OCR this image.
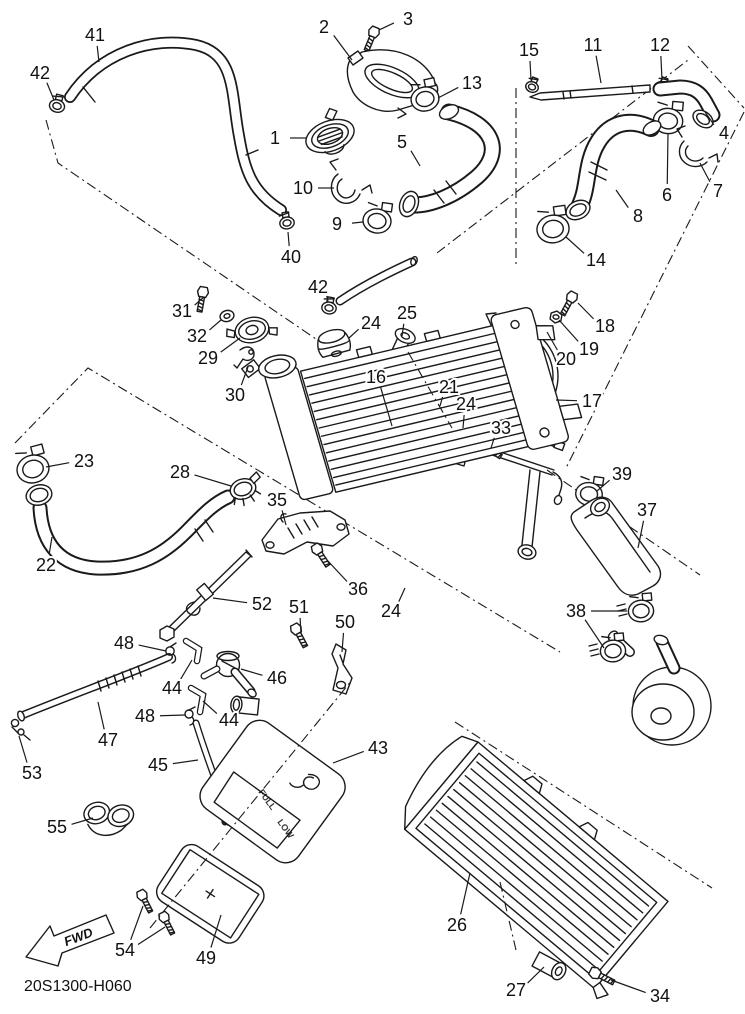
FULL
LOW
FWD
20S1300-H060
41
42
2	3
1
13
5
10
9
40
15 11	12
4
6 7
8
14
31
32
29
30
42
24 25
16	21
24
33
18
19
20
17
39
37
38
23
22
28
35
36
24
52 51
50
46
48
44
48	44
47
53	45
55
43
54	49
26
27	34
